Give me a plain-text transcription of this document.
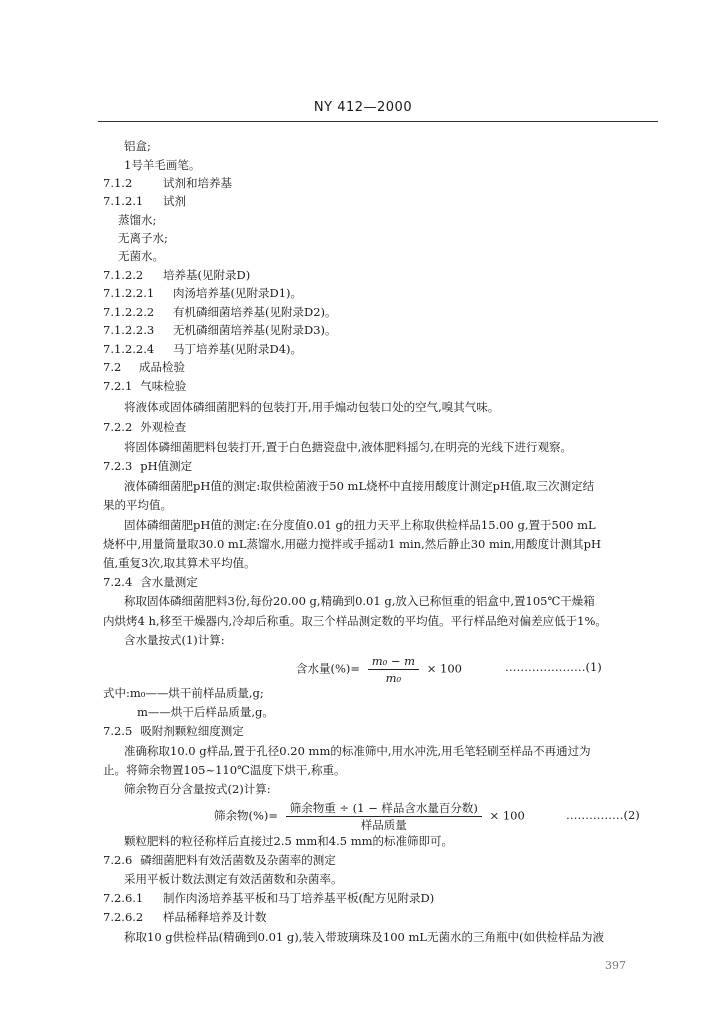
NY 412—2000
铝盒;
1号羊毛画笔。
7.1.2	试剂和培养基
7.1.2.1 试剂
蒸馏水;
无离子水;
无菌水。
7.1.2.2 培养基(见附录D)
7.1.2.2.1 肉汤培养基(见附录D1)。
7.1.2.2.2 有机磷细菌培养基(见附录D2)。
7.1.2.2.3 无机磷细菌培养基(见附录D3)。
7.1.2.2.4 马丁培养基(见附录D4)。
7.2 成品检验
7.2.1 气味检验
将液体或固体磷细菌肥料的包装打开,用手煽动包装口处的空气,嗅其气味。
7.2.2 外观检查
将固体磷细菌肥料包装打开,置于白色搪瓷盘中,液体肥料摇匀,在明亮的光线下进行观察。
7.2.3 pH值测定
液体磷细菌肥pH值的测定:取供检菌液于50 mL烧杯中直接用酸度计测定pH值,取三次测定结
果的平均值。
固体磷细菌肥pH值的测定:在分度值0.01 g的扭力天平上称取供检样品15.00 g,置于500 mL
烧杯中,用量筒量取30.0 mL蒸馏水,用磁力搅拌或手摇动1 min,然后静止30 min,用酸度计测其pH
值,重复3次,取其算术平均值。
7.2.4 含水量测定
称取固体磷细菌肥料3份,每份20.00 g,精确到0.01 g,放入已称恒重的铝盒中,置105℃干燥箱
内烘烤4 h,移至干燥器内,冷却后称重。取三个样品测定数的平均值。平行样品绝对偏差应低于1%。
含水量按式(1)计算:
含水量(%)= $\frac{\text{m₀ − m}}{\text{m₀}} \times 100$	…………………(1)
式中:m₀——烘干前样品质量,g;
m——烘干后样品质量,g。
7.2.5 吸附剂颗粒细度测定
准确称取10.0 g样品,置于孔径0.20 mm的标准筛中,用水冲洗,用毛笔轻刷至样品不再通过为
止。将筛余物置105~110℃温度下烘干,称重。
筛余物百分含量按式(2)计算:
筛余物(%)= $\frac{\text{筛余物重 ÷ (1 − 样品含水量百分数)}}{\text{样品质量}} \times 100$	……………(2)
颗粒肥料的粒径称样后直接过2.5 mm和4.5 mm的标准筛即可。
7.2.6 磷细菌肥料有效活菌数及杂菌率的测定
采用平板计数法测定有效活菌数和杂菌率。
7.2.6.1 制作肉汤培养基平板和马丁培养基平板(配方见附录D)
7.2.6.2 样品稀释培养及计数
称取10 g供检样品(精确到0.01 g),装入带玻璃珠及100 mL无菌水的三角瓶中(如供检样品为液
397
